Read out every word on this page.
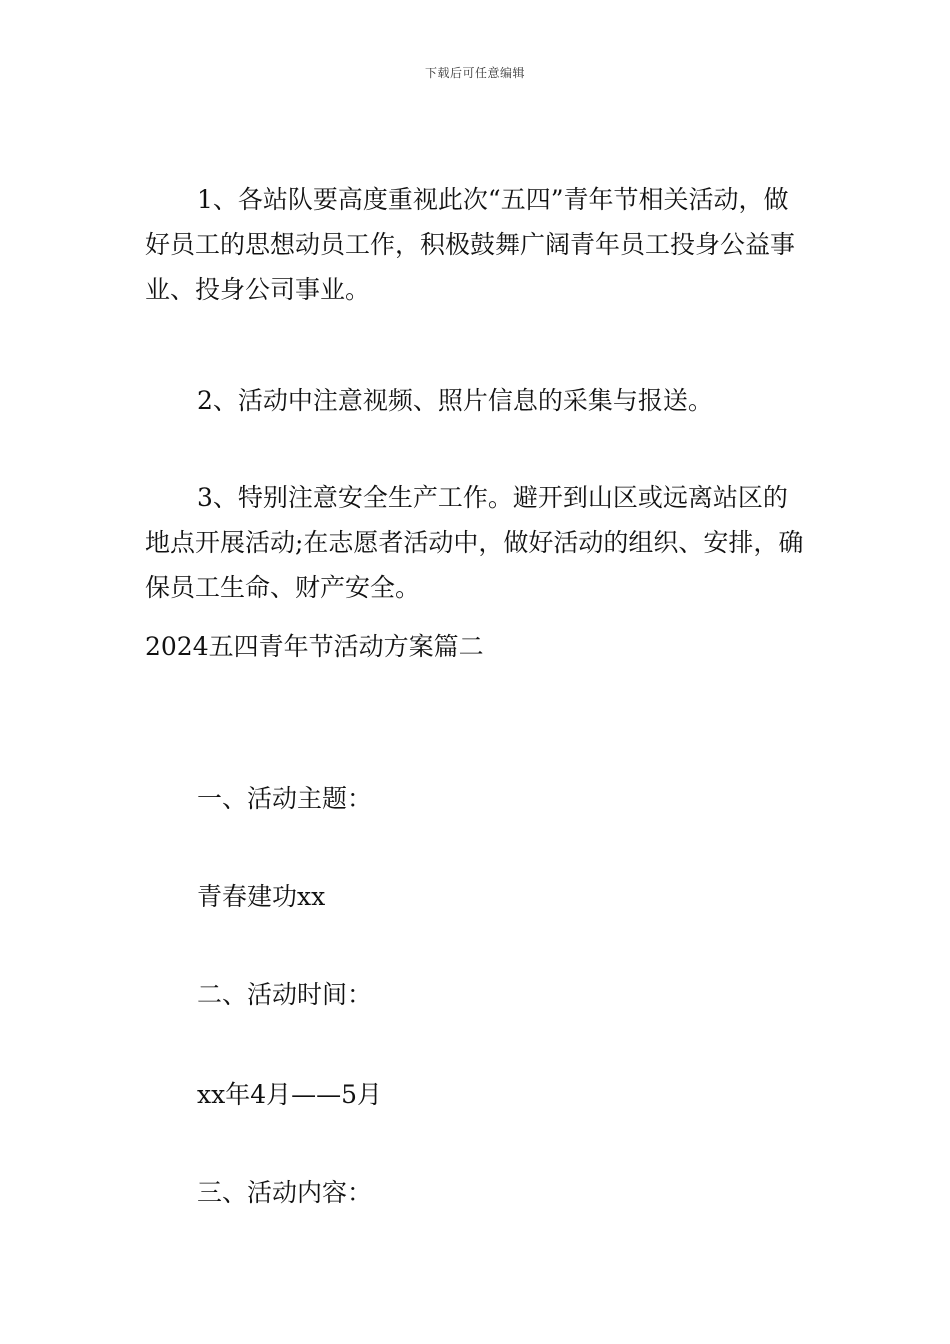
下载后可任意编辑

1、各站队要高度重视此次“五四”青年节相关活动，做好员工的思想动员工作，积极鼓舞广阔青年员工投身公益事业、投身公司事业。

2、活动中注意视频、照片信息的采集与报送。

3、特别注意安全生产工作。避开到山区或远离站区的地点开展活动;在志愿者活动中，做好活动的组织、安排，确保员工生命、财产安全。

2024五四青年节活动方案篇二

一、活动主题：

青春建功xx

二、活动时间：

xx年4月——5月

三、活动内容：
